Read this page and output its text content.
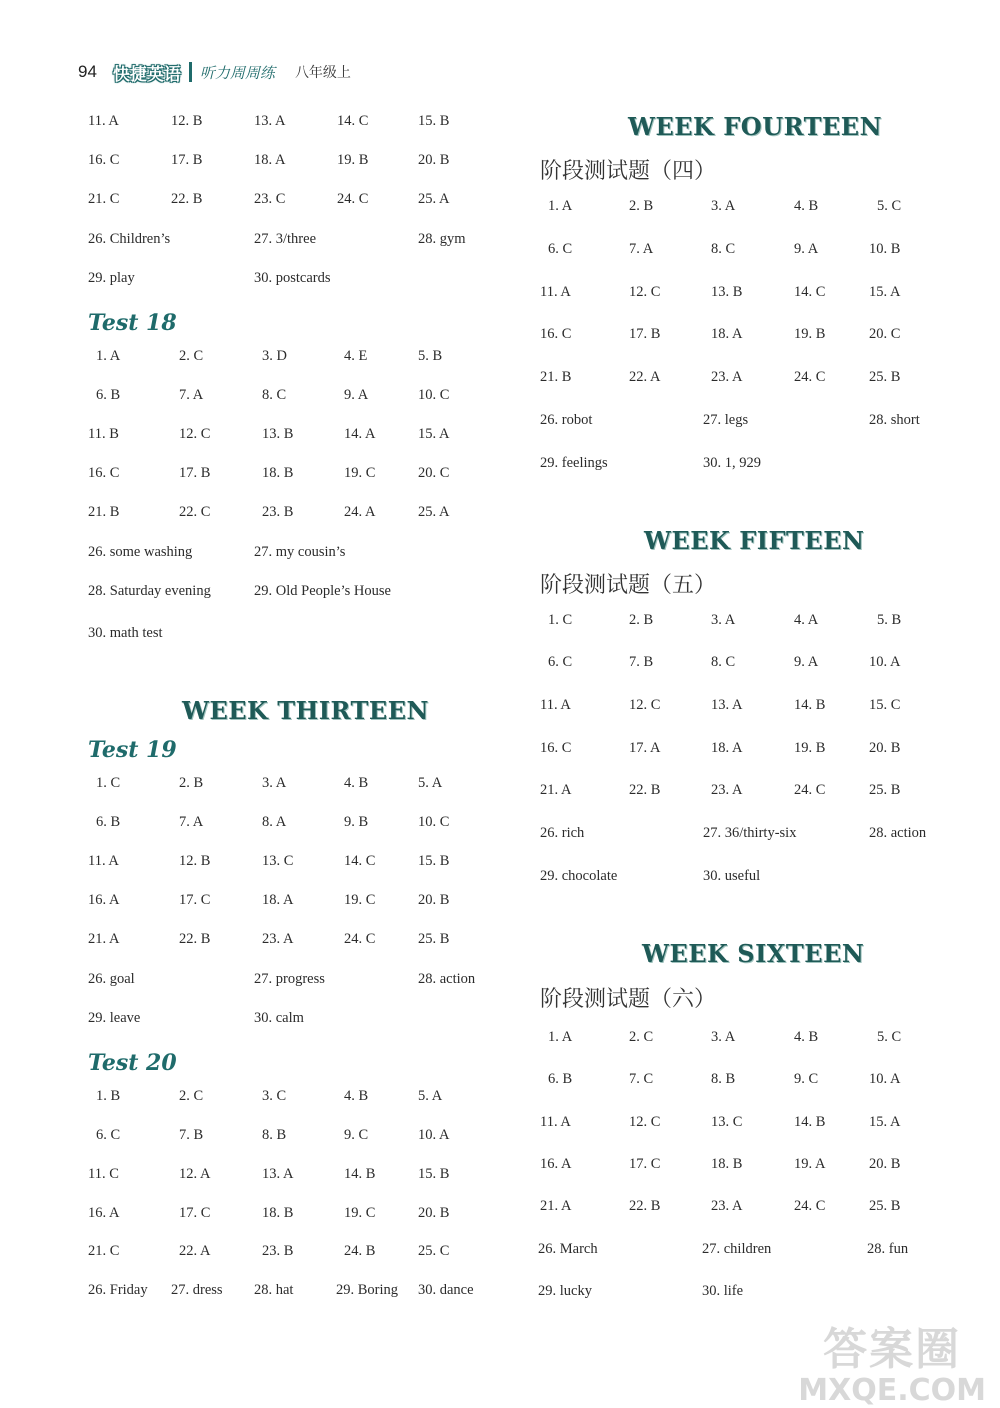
94 快捷英语 听力周周练 八年级上
Test 18
WEEK THIRTEEN
Test 19
Test 20
11. A	12. B	13. A	14. C	15. B
16. C	17. B	18. A	19. B	20. B
21. C	22. B	23. C	24. C	25. A
26. Children’s	27. 3/three	28. gym
29. play	30. postcards
1. A	2. C	3. D	4. E	5. B
6. B	7. A	8. C	9. A	10. C
11. B	12. C	13. B	14. A	15. A
16. C	17. B	18. B	19. C	20. C
21. B	22. C	23. B	24. A	25. A
26. some washing	27. my cousin’s
28. Saturday evening	29. Old People’s House
30. math test
1. C	2. B	3. A	4. B	5. A
6. B	7. A	8. A	9. B	10. C
11. A	12. B	13. C	14. C	15. B
16. A	17. C	18. A	19. C	20. B
21. A	22. B	23. A	24. C	25. B
26. goal	27. progress	28. action
29. leave	30. calm
1. B	2. C	3. C	4. B	5. A
6. C	7. B	8. B	9. C	10. A
11. C	12. A	13. A	14. B	15. B
16. A	17. C	18. B	19. C	20. B
21. C	22. A	23. B	24. B	25. C
26. Friday 27. dress 28. hat	29. Boring 30. dance
WEEK FOURTEEN
阶段测试题（四）
WEEK FIFTEEN
阶段测试题（五）
WEEK SIXTEEN
阶段测试题（六）
1. A	2. B	3. A	4. B	5. C
6. C	7. A	8. C	9. A	10. B
11. A	12. C	13. B	14. C	15. A
16. C	17. B	18. A	19. B	20. C
21. B	22. A	23. A	24. C	25. B
26. robot	27. legs	28. short
29. feelings	30. 1, 929
1. C	2. B	3. A	4. A	5. B
6. C	7. B	8. C	9. A	10. A
11. A	12. C	13. A	14. B	15. C
16. C	17. A	18. A	19. B	20. B
21. A	22. B	23. A	24. C	25. B
26. rich	27. 36/thirty-six	28. action
29. chocolate	30. useful
1. A	2. C	3. A	4. B	5. C
6. B	7. C	8. B	9. C	10. A
11. A	12. C	13. C	14. B	15. A
16. A	17. C	18. B	19. A	20. B
21. A	22. B	23. A	24. C	25. B
26. March	27. children	28. fun
29. lucky	30. life
答案圈
MXQE.COM
